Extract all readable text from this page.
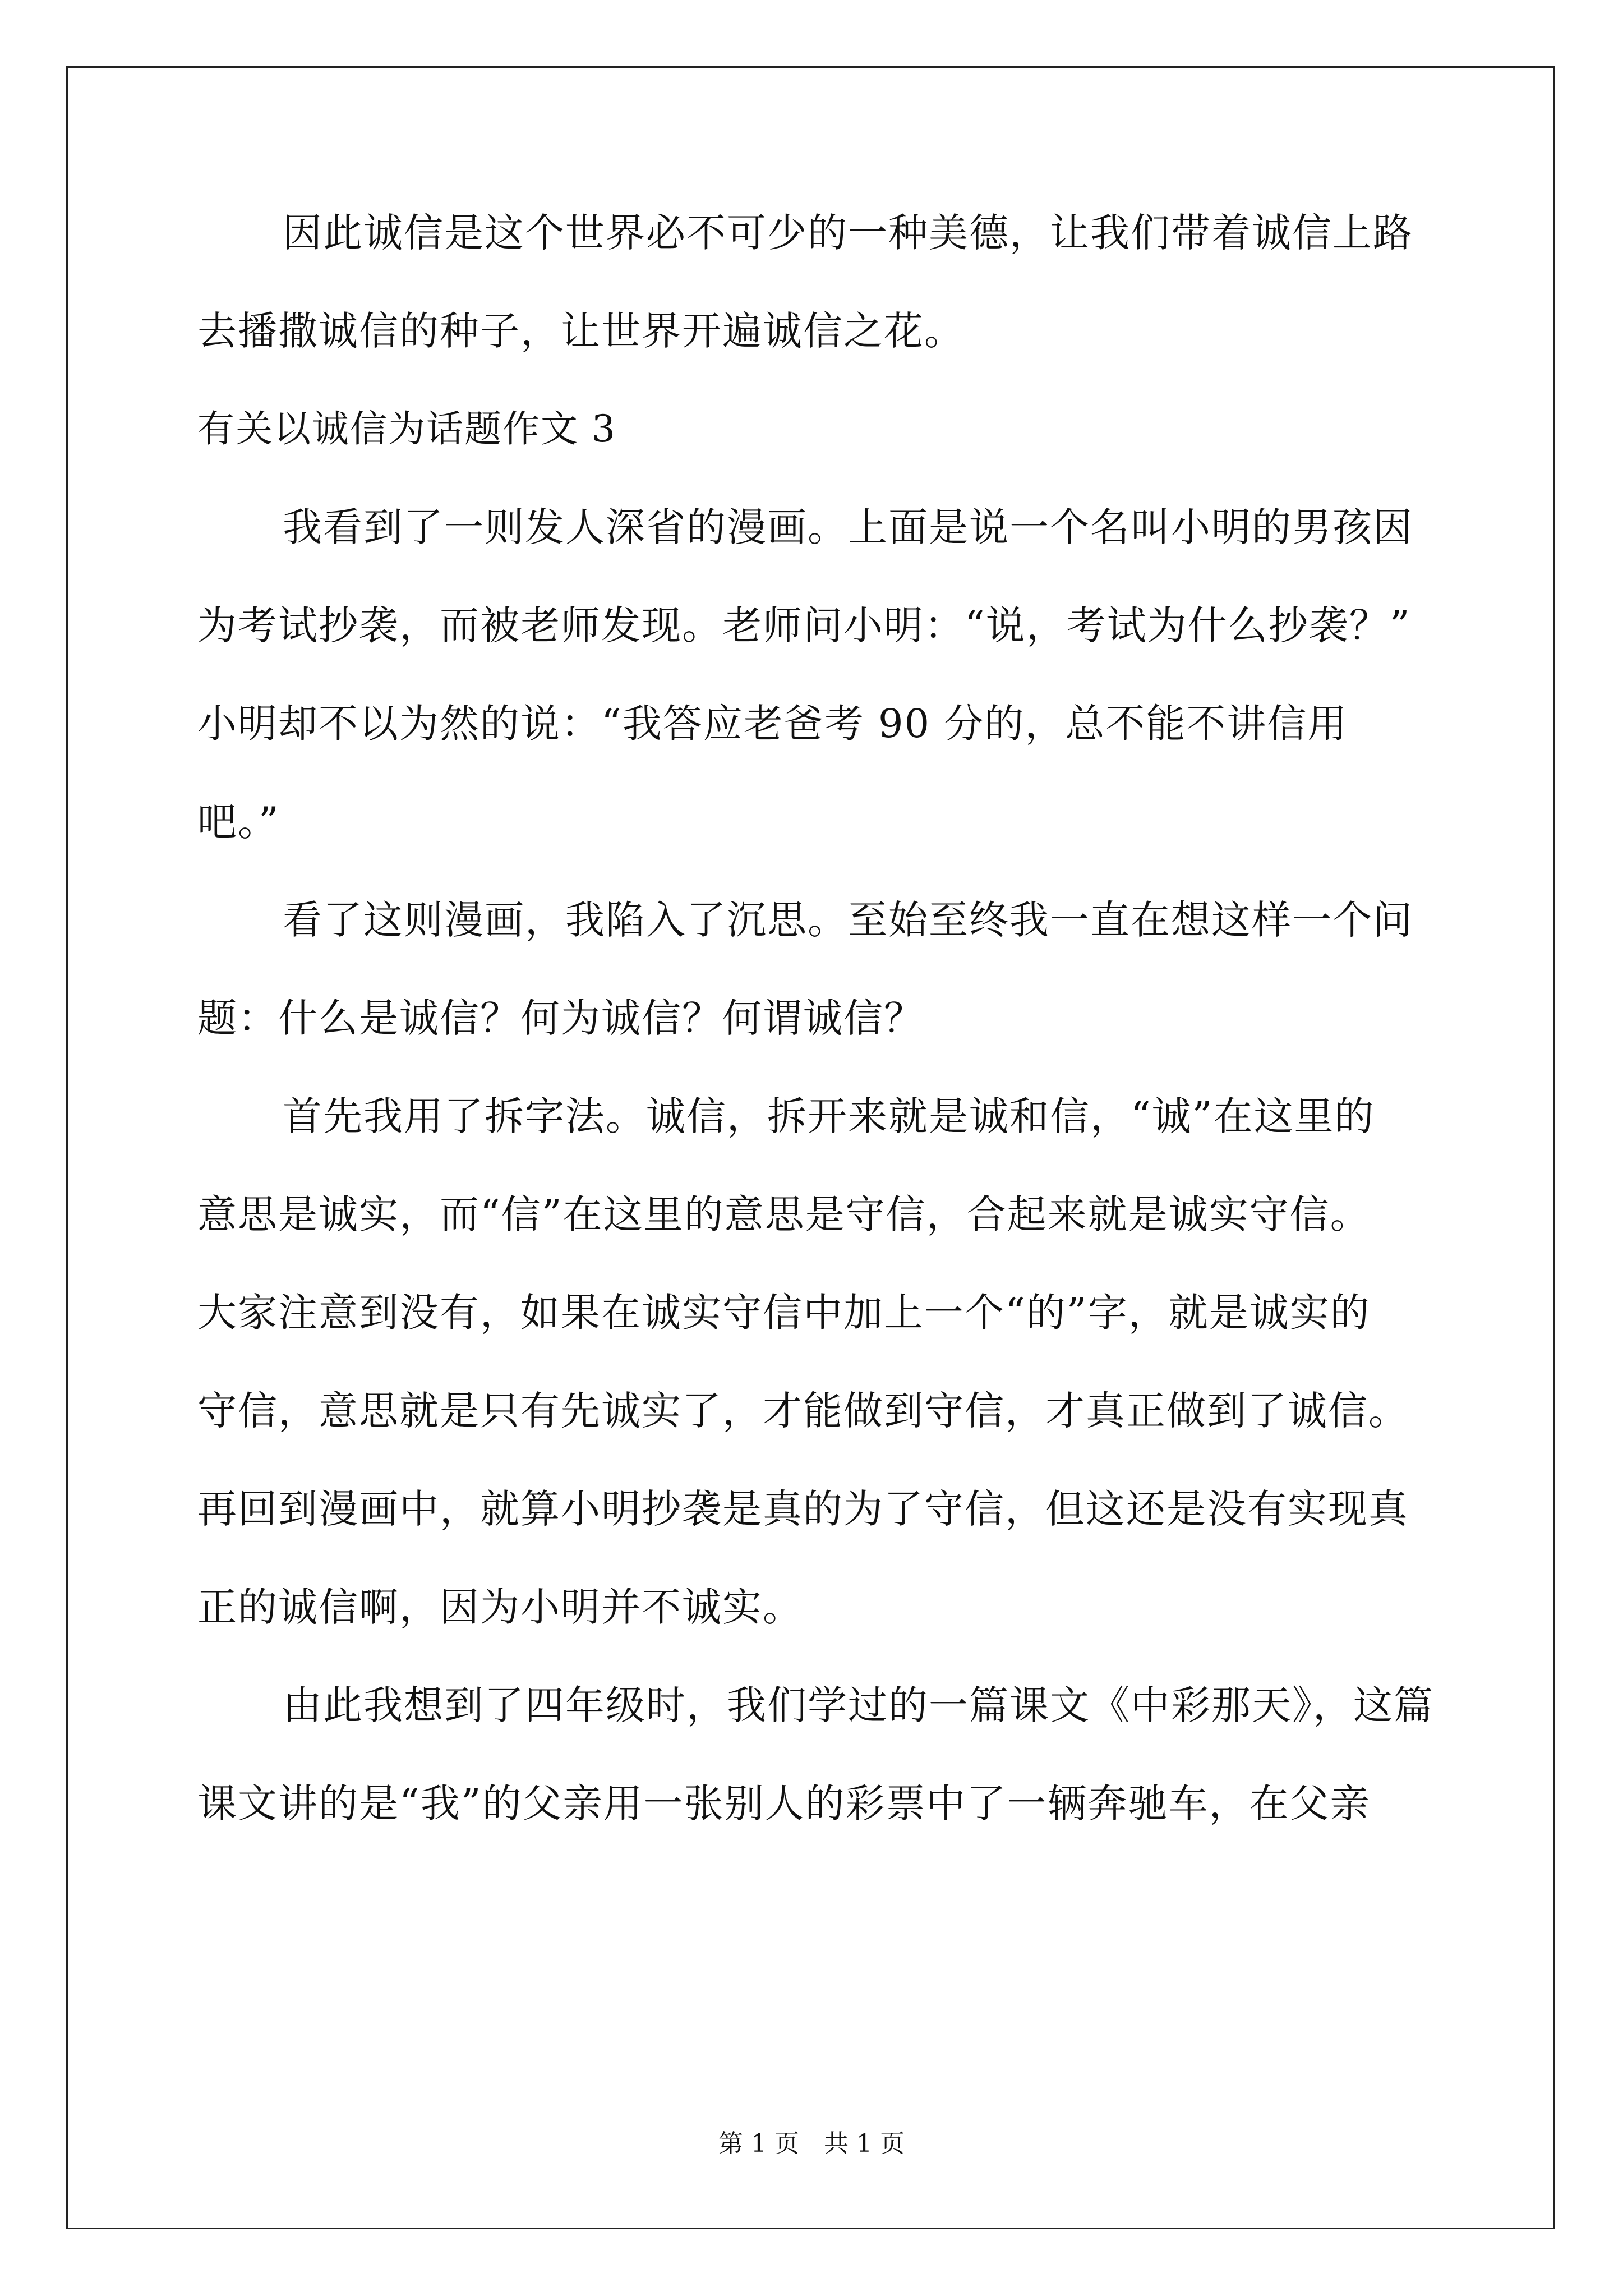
因此诚信是这个世界必不可少的一种美德，让我们带着诚信上路
去播撒诚信的种子，让世界开遍诚信之花。
有关以诚信为话题作文 3
我看到了一则发人深省的漫画。上面是说一个名叫小明的男孩因
为考试抄袭，而被老师发现。老师问小明：“说，考试为什么抄袭？”
小明却不以为然的说：“我答应老爸考 90 分的，总不能不讲信用
吧。”
看了这则漫画，我陷入了沉思。至始至终我一直在想这样一个问
题：什么是诚信？何为诚信？何谓诚信？
首先我用了拆字法。诚信，拆开来就是诚和信，“诚”在这里的
意思是诚实，而“信”在这里的意思是守信，合起来就是诚实守信。
大家注意到没有，如果在诚实守信中加上一个“的”字，就是诚实的
守信，意思就是只有先诚实了，才能做到守信，才真正做到了诚信。
再回到漫画中，就算小明抄袭是真的为了守信，但这还是没有实现真
正的诚信啊，因为小明并不诚实。
由此我想到了四年级时，我们学过的一篇课文《中彩那天》，这篇
课文讲的是“我”的父亲用一张别人的彩票中了一辆奔驰车，在父亲
第 1 页　共 1 页
